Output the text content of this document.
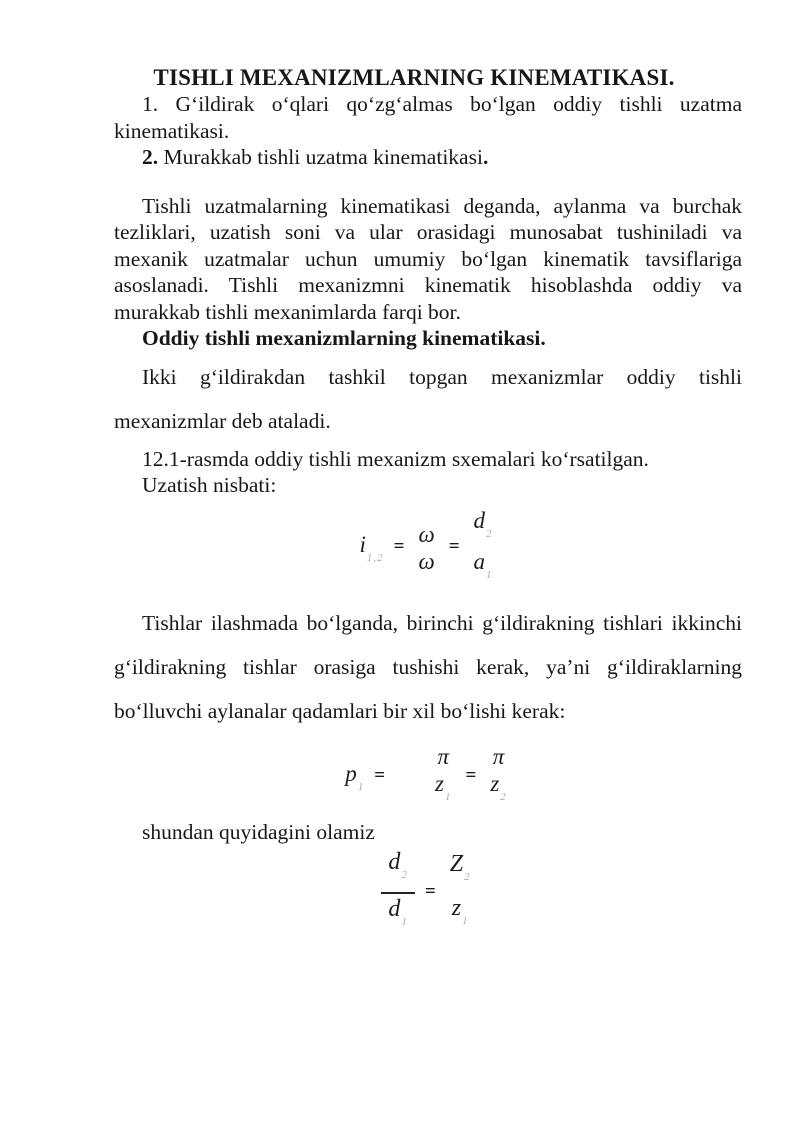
TISHLI MEXANIZMLARNING KINEMATIKASI.

1. G‘ildirak o‘qlari qo‘zg‘almas bo‘lgan oddiy tishli uzatma kinematikasi.

2. Murakkab tishli uzatma kinematikasi.

Tishli uzatmalarning kinematikasi deganda, aylanma va burchak tezliklari, uzatish soni va ular orasidagi munosabat tushiniladi va mexanik uzatmalar uchun umumiy bo‘lgan kinematik tavsiflariga asoslanadi. Tishli mexanizmni kinematik hisoblashda oddiy va murakkab tishli mexanimlarda farqi bor.

Oddiy tishli mexanizmlarning kinematikasi.

Ikki g‘ildirakdan tashkil topgan mexanizmlar oddiy tishli mexanizmlar deb ataladi.

12.1-rasmda oddiy tishli mexanizm sxemalari ko‘rsatilgan.

Uzatish nisbati:

$i_{1,2}$
= ω
ω
=
$d_2$
$a_1$

Tishlar ilashmada bo‘lganda, birinchi g‘ildirakning tishlari ikkinchi g‘ildirakning tishlar orasiga tushishi kerak, ya’ni g‘ildiraklarning bo‘lluvchi aylanalar qadamlari bir xil bo‘lishi kerak:

$p_1$
=
π
$z_1$
=
π
$z_2$

shundan quyidagini olamiz

$\frac{d_2}{d_1}$ =
$Z_2$
$z_1$
